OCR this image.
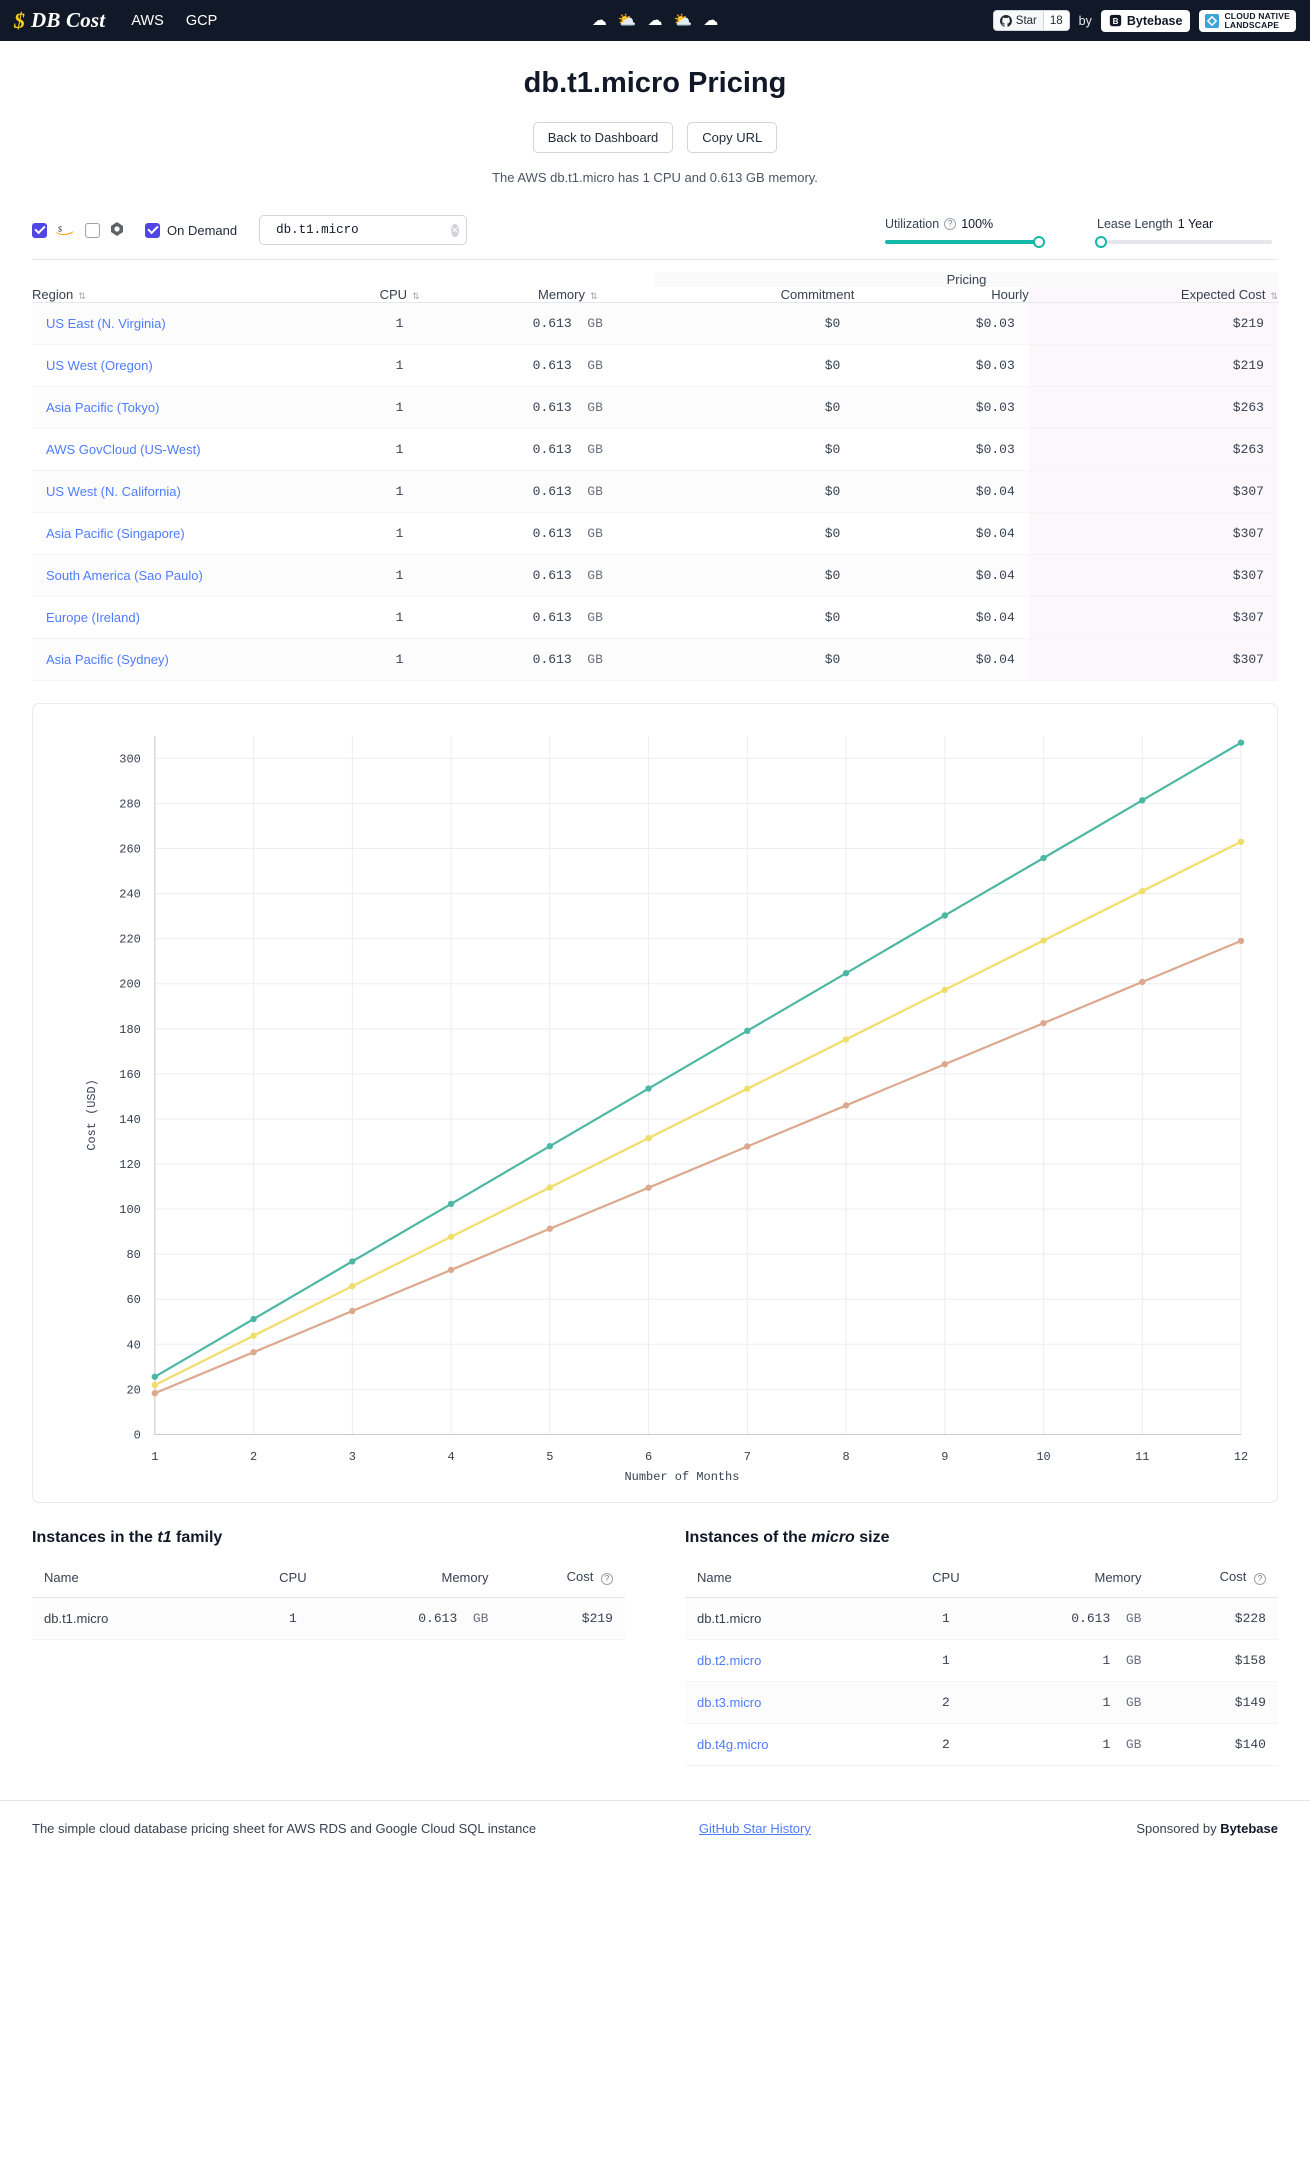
$ DB Cost AWS GCP	☁ ⛅ ☁ ⛅ ☁	Star	18	by B Bytebase	CLOUD NATIVE
LANDSCAPE
db.t1.micro Pricing
Back to Dashboard	Copy URL
The AWS db.t1.micro has 1 CPU and 0.613 GB memory.
On Demand
db.t1.micro	✕	Utilization	? 100%	Lease Length 1 Year
			Pricing		
Region ⇅	CPU ⇅	Memory ⇅	Commitment	Hourly	Expected Cost ⇅
US East (N. Virginia)	1	0.613  GB	$0	$0.03	$219
US West (Oregon)	1	0.613  GB	$0	$0.03	$219
Asia Pacific (Tokyo)	1	0.613  GB	$0	$0.03	$263
AWS GovCloud (US-West)	1	0.613  GB	$0	$0.03	$263
US West (N. California)	1	0.613  GB	$0	$0.04	$307
Asia Pacific (Singapore)	1	0.613  GB	$0	$0.04	$307
South America (Sao Paulo)	1	0.613  GB	$0	$0.04	$307
Europe (Ireland)	1	0.613  GB	$0	$0.04	$307
Asia Pacific (Sydney)	1	0.613  GB	$0	$0.04	$307
0
20
40
60
80
100
120
140
160
180
200
220
240
260
280
300
1	2	3	4	5	6	7	8	9	10	11	12
Cost (USD)
Number of Months
Instances in the t1 family
Name	CPU	Memory	Cost ?
db.t1.micro	1	0.613  GB	$219
Instances of the micro size
Name	CPU	Memory	Cost ?
db.t1.micro	1	0.613  GB	$228
db.t2.micro	1	1  GB	$158
db.t3.micro	2	1  GB	$149
db.t4g.micro	2	1  GB	$140
The simple cloud database pricing sheet for AWS RDS and Google Cloud SQL instance	GitHub Star History	Sponsored by Bytebase
